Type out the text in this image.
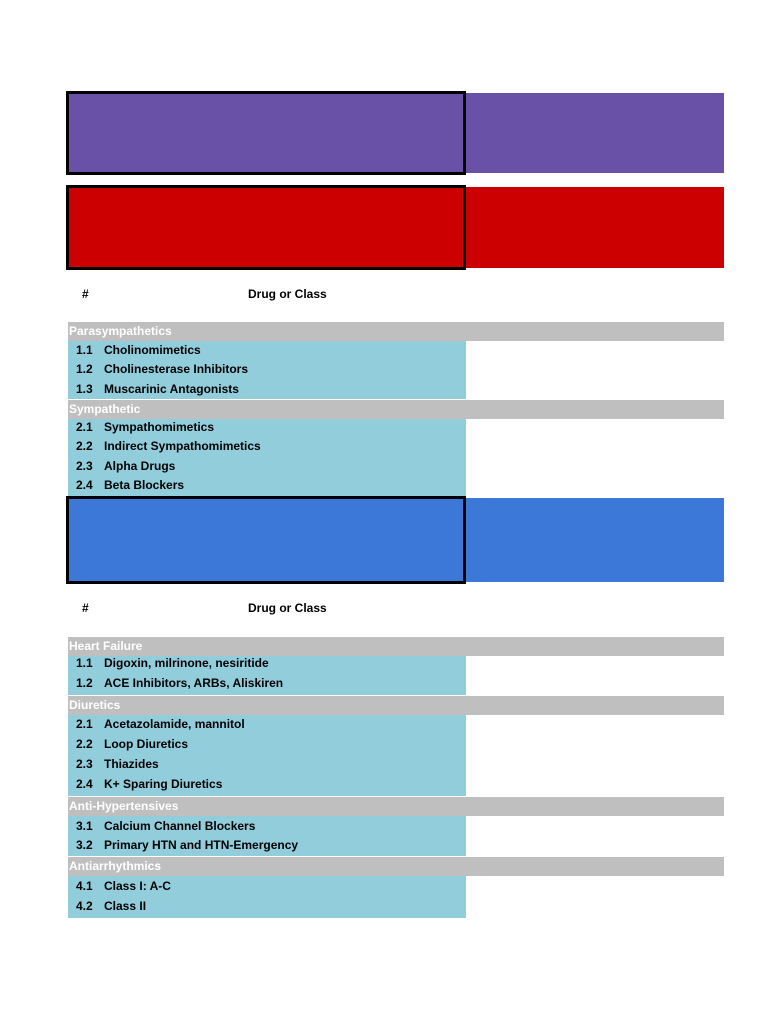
#	Drug or Class
Parasympathetics
1.1 Cholinomimetics
1.2 Cholinesterase Inhibitors
1.3 Muscarinic Antagonists
Sympathetic
2.1 Sympathomimetics
2.2 Indirect Sympathomimetics
2.3 Alpha Drugs
2.4 Beta Blockers
#	Drug or Class
Heart Failure
1.1 Digoxin, milrinone, nesiritide
1.2 ACE Inhibitors, ARBs, Aliskiren
Diuretics
2.1 Acetazolamide, mannitol
2.2 Loop Diuretics
2.3 Thiazides
2.4 K+ Sparing Diuretics
Anti-Hypertensives
3.1 Calcium Channel Blockers
3.2 Primary HTN and HTN-Emergency
Antiarrhythmics
4.1 Class I: A-C
4.2 Class II
